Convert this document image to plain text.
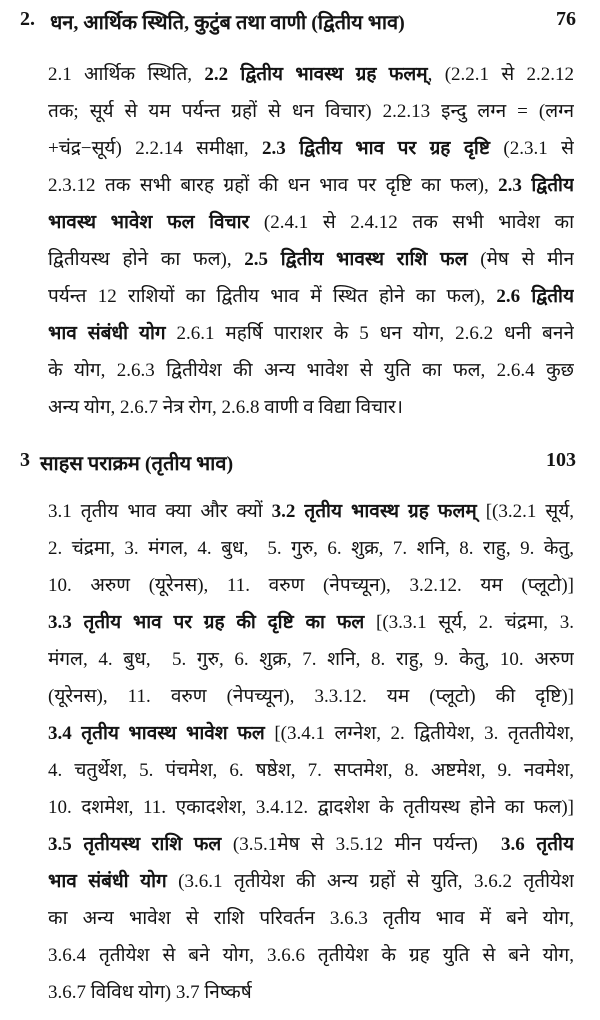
2. धन, आर्थिक स्थिति, कुटुंब तथा वाणी (द्वितीय भाव)	76
2.1 आर्थिक स्थिति, 2.2 द्वितीय भावस्थ ग्रह फलम्, (2.2.1 से 2.2.12
तक; सूर्य से यम पर्यन्त ग्रहों से धन विचार) 2.2.13 इन्दु लग्न = (लग्न
+चंद्र−सूर्य) 2.2.14 समीक्षा, 2.3 द्वितीय भाव पर ग्रह दृष्टि (2.3.1 से
2.3.12 तक सभी बारह ग्रहों की धन भाव पर दृष्टि का फल), 2.3 द्वितीय
भावस्थ भावेश फल विचार (2.4.1 से 2.4.12 तक सभी भावेश का
द्वितीयस्थ होने का फल), 2.5 द्वितीय भावस्थ राशि फल (मेष से मीन
पर्यन्त 12 राशियों का द्वितीय भाव में स्थित होने का फल), 2.6 द्वितीय
भाव संबंधी योग 2.6.1 महर्षि पाराशर के 5 धन योग, 2.6.2 धनी बनने
के योग, 2.6.3 द्वितीयेश की अन्य भावेश से युति का फल, 2.6.4 कुछ
अन्य योग, 2.6.7 नेत्र रोग, 2.6.8 वाणी व विद्या विचार।
3 साहस पराक्रम (तृतीय भाव)	103
3.1 तृतीय भाव क्या और क्यों 3.2 तृतीय भावस्थ ग्रह फलम् [(3.2.1 सूर्य,
2. चंद्रमा, 3. मंगल, 4. बुध,  5. गुरु, 6. शुक्र, 7. शनि, 8. राहु, 9. केतु,
10. अरुण (यूरेनस), 11. वरुण (नेपच्यून), 3.2.12. यम (प्लूटो)]
3.3 तृतीय भाव पर ग्रह की दृष्टि का फल [(3.3.1 सूर्य, 2. चंद्रमा, 3.
मंगल, 4. बुध,  5. गुरु, 6. शुक्र, 7. शनि, 8. राहु, 9. केतु, 10. अरुण
(यूरेनस), 11. वरुण (नेपच्यून), 3.3.12. यम (प्लूटो) की दृष्टि)]
3.4 तृतीय भावस्थ भावेश फल [(3.4.1 लग्नेश, 2. द्वितीयेश, 3. तृततीयेश,
4. चतुर्थेश, 5. पंचमेश, 6. षष्ठेश, 7. सप्तमेश, 8. अष्टमेश, 9. नवमेश,
10. दशमेश, 11. एकादशेश, 3.4.12. द्वादशेश के तृतीयस्थ होने का फल)]
3.5 तृतीयस्थ राशि फल (3.5.1मेष से 3.5.12 मीन पर्यन्त)  3.6 तृतीय
भाव संबंधी योग (3.6.1 तृतीयेश की अन्य ग्रहों से युति, 3.6.2 तृतीयेश
का अन्य भावेश से राशि परिवर्तन 3.6.3 तृतीय भाव में बने योग,
3.6.4 तृतीयेश से बने योग, 3.6.6 तृतीयेश के ग्रह युति से बने योग,
3.6.7 विविध योग) 3.7 निष्कर्ष
